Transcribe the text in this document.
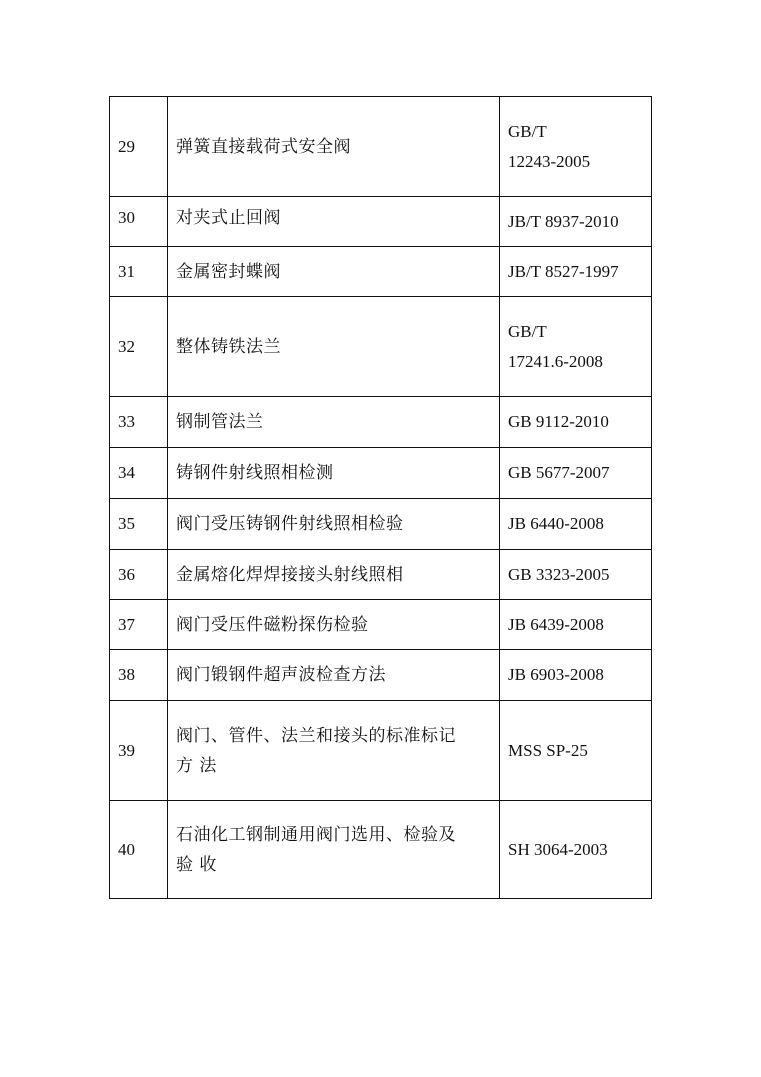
29	弹簧直接载荷式安全阀	GB/T
12243-2005

30	对夹式止回阀	JB/T 8937-2010

31	金属密封蝶阀	JB/T 8527-1997

32	整体铸铁法兰	GB/T
17241.6-2008

33	钢制管法兰	GB 9112-2010

34	铸钢件射线照相检测	GB 5677-2007

35	阀门受压铸钢件射线照相检验	JB 6440-2008

36	金属熔化焊焊接接头射线照相	GB 3323-2005

37	阀门受压件磁粉探伤检验	JB 6439-2008

38	阀门锻钢件超声波检查方法	JB 6903-2008

39	阀门、管件、法兰和接头的标准标记
方 法	MSS SP-25

40	石油化工钢制通用阀门选用、检验及
验 收	SH 3064-2003
